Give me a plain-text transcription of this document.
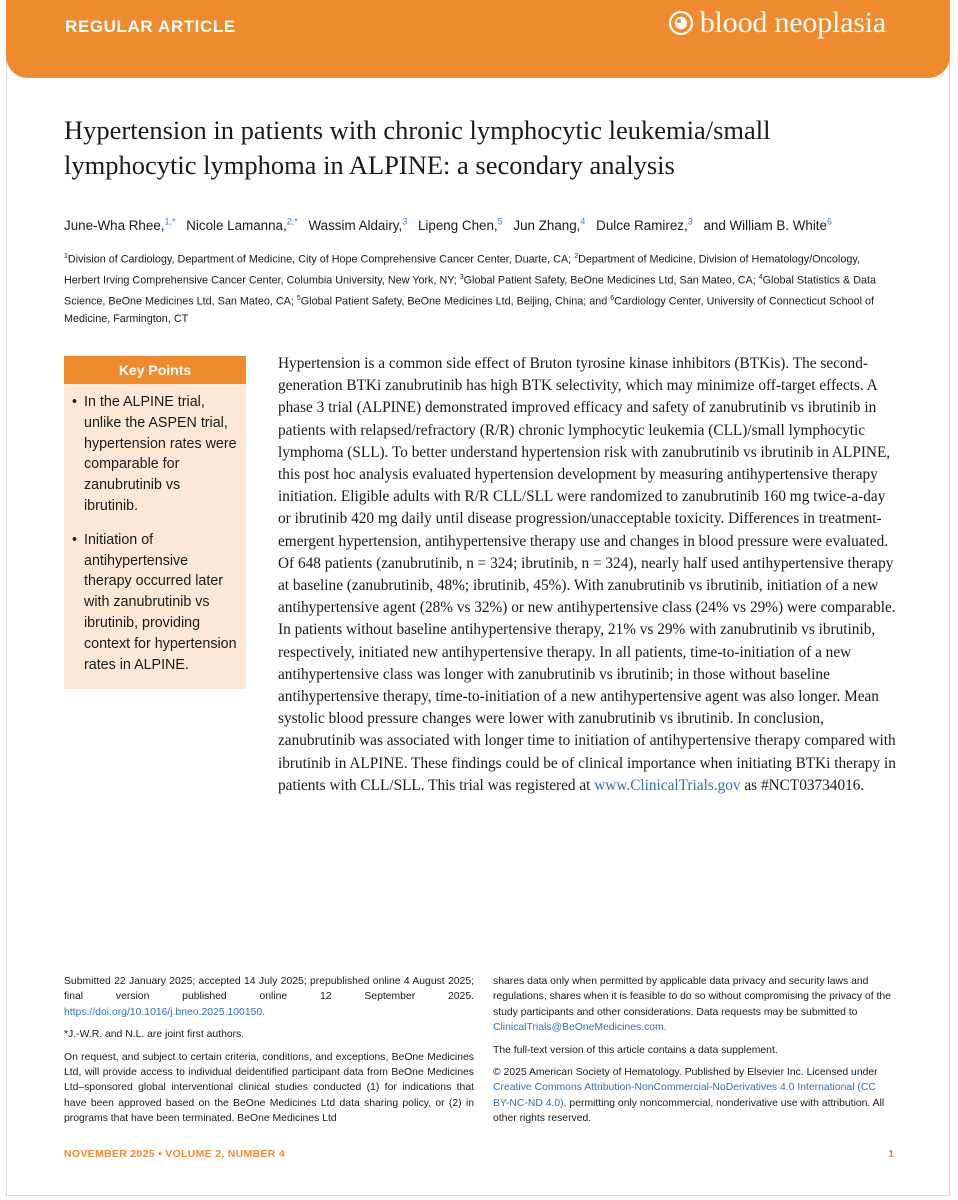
REGULAR ARTICLE	blood neoplasia
Hypertension in patients with chronic lymphocytic leukemia/small lymphocytic lymphoma in ALPINE: a secondary analysis
June-Wha Rhee,$^{1,*}$ Nicole Lamanna,$^{2,*}$ Wassim Aldairy,$^3$ Lipeng Chen,$^5$ Jun Zhang,$^4$ Dulce Ramirez,$^3$ and William B. White$^6$
$^1$Division of Cardiology, Department of Medicine, City of Hope Comprehensive Cancer Center, Duarte, CA; $^2$Department of Medicine, Division of Hematology/Oncology, Herbert Irving Comprehensive Cancer Center, Columbia University, New York, NY; $^3$Global Patient Safety, BeOne Medicines Ltd, San Mateo, CA; $^4$Global Statistics & Data Science, BeOne Medicines Ltd, San Mateo, CA; $^5$Global Patient Safety, BeOne Medicines Ltd, Beijing, China; and $^6$Cardiology Center, University of Connecticut School of Medicine, Farmington, CT
Key Points
• In the ALPINE trial, unlike the ASPEN trial, hypertension rates were comparable for zanubrutinib vs ibrutinib.
• Initiation of antihypertensive therapy occurred later with zanubrutinib vs ibrutinib, providing context for hypertension rates in ALPINE.

Hypertension is a common side effect of Bruton tyrosine kinase inhibitors (BTKis). The second-generation BTKi zanubrutinib has high BTK selectivity, which may minimize off-target effects. A phase 3 trial (ALPINE) demonstrated improved efficacy and safety of zanubrutinib vs ibrutinib in patients with relapsed/refractory (R/R) chronic lymphocytic leukemia (CLL)/small lymphocytic lymphoma (SLL). To better understand hypertension risk with zanubrutinib vs ibrutinib in ALPINE, this post hoc analysis evaluated hypertension development by measuring antihypertensive therapy initiation. Eligible adults with R/R CLL/SLL were randomized to zanubrutinib 160 mg twice-a-day or ibrutinib 420 mg daily until disease progression/unacceptable toxicity. Differences in treatment-emergent hypertension, antihypertensive therapy use and changes in blood pressure were evaluated. Of 648 patients (zanubrutinib, n = 324; ibrutinib, n = 324), nearly half used antihypertensive therapy at baseline (zanubrutinib, 48%; ibrutinib, 45%). With zanubrutinib vs ibrutinib, initiation of a new antihypertensive agent (28% vs 32%) or new antihypertensive class (24% vs 29%) were comparable. In patients without baseline antihypertensive therapy, 21% vs 29% with zanubrutinib vs ibrutinib, respectively, initiated new antihypertensive therapy. In all patients, time-to-initiation of a new antihypertensive class was longer with zanubrutinib vs ibrutinib; in those without baseline antihypertensive therapy, time-to-initiation of a new antihypertensive agent was also longer. Mean systolic blood pressure changes were lower with zanubrutinib vs ibrutinib. In conclusion, zanubrutinib was associated with longer time to initiation of antihypertensive therapy compared with ibrutinib in ALPINE. These findings could be of clinical importance when initiating BTKi therapy in patients with CLL/SLL. This trial was registered at www.ClinicalTrials.gov as #NCT03734016.

Submitted 22 January 2025; accepted 14 July 2025; prepublished online 4 August 2025; final version published online 12 September 2025. https://doi.org/10.1016/j.bneo.2025.100150.

*J.-W.R. and N.L. are joint first authors.

On request, and subject to certain criteria, conditions, and exceptions, BeOne Medicines Ltd, will provide access to individual deidentified participant data from BeOne Medicines Ltd–sponsored global interventional clinical studies conducted (1) for indications that have been approved based on the BeOne Medicines Ltd data sharing policy, or (2) in programs that have been terminated. BeOne Medicines Ltd

shares data only when permitted by applicable data privacy and security laws and regulations, shares when it is feasible to do so without compromising the privacy of the study participants and other considerations. Data requests may be submitted to ClinicalTrials@BeOneMedicines.com.

The full-text version of this article contains a data supplement.

© 2025 American Society of Hematology. Published by Elsevier Inc. Licensed under Creative Commons Attribution-NonCommercial-NoDerivatives 4.0 International (CC BY-NC-ND 4.0), permitting only noncommercial, nonderivative use with attribution. All other rights reserved.

NOVEMBER 2025 • VOLUME 2, NUMBER 4	1
